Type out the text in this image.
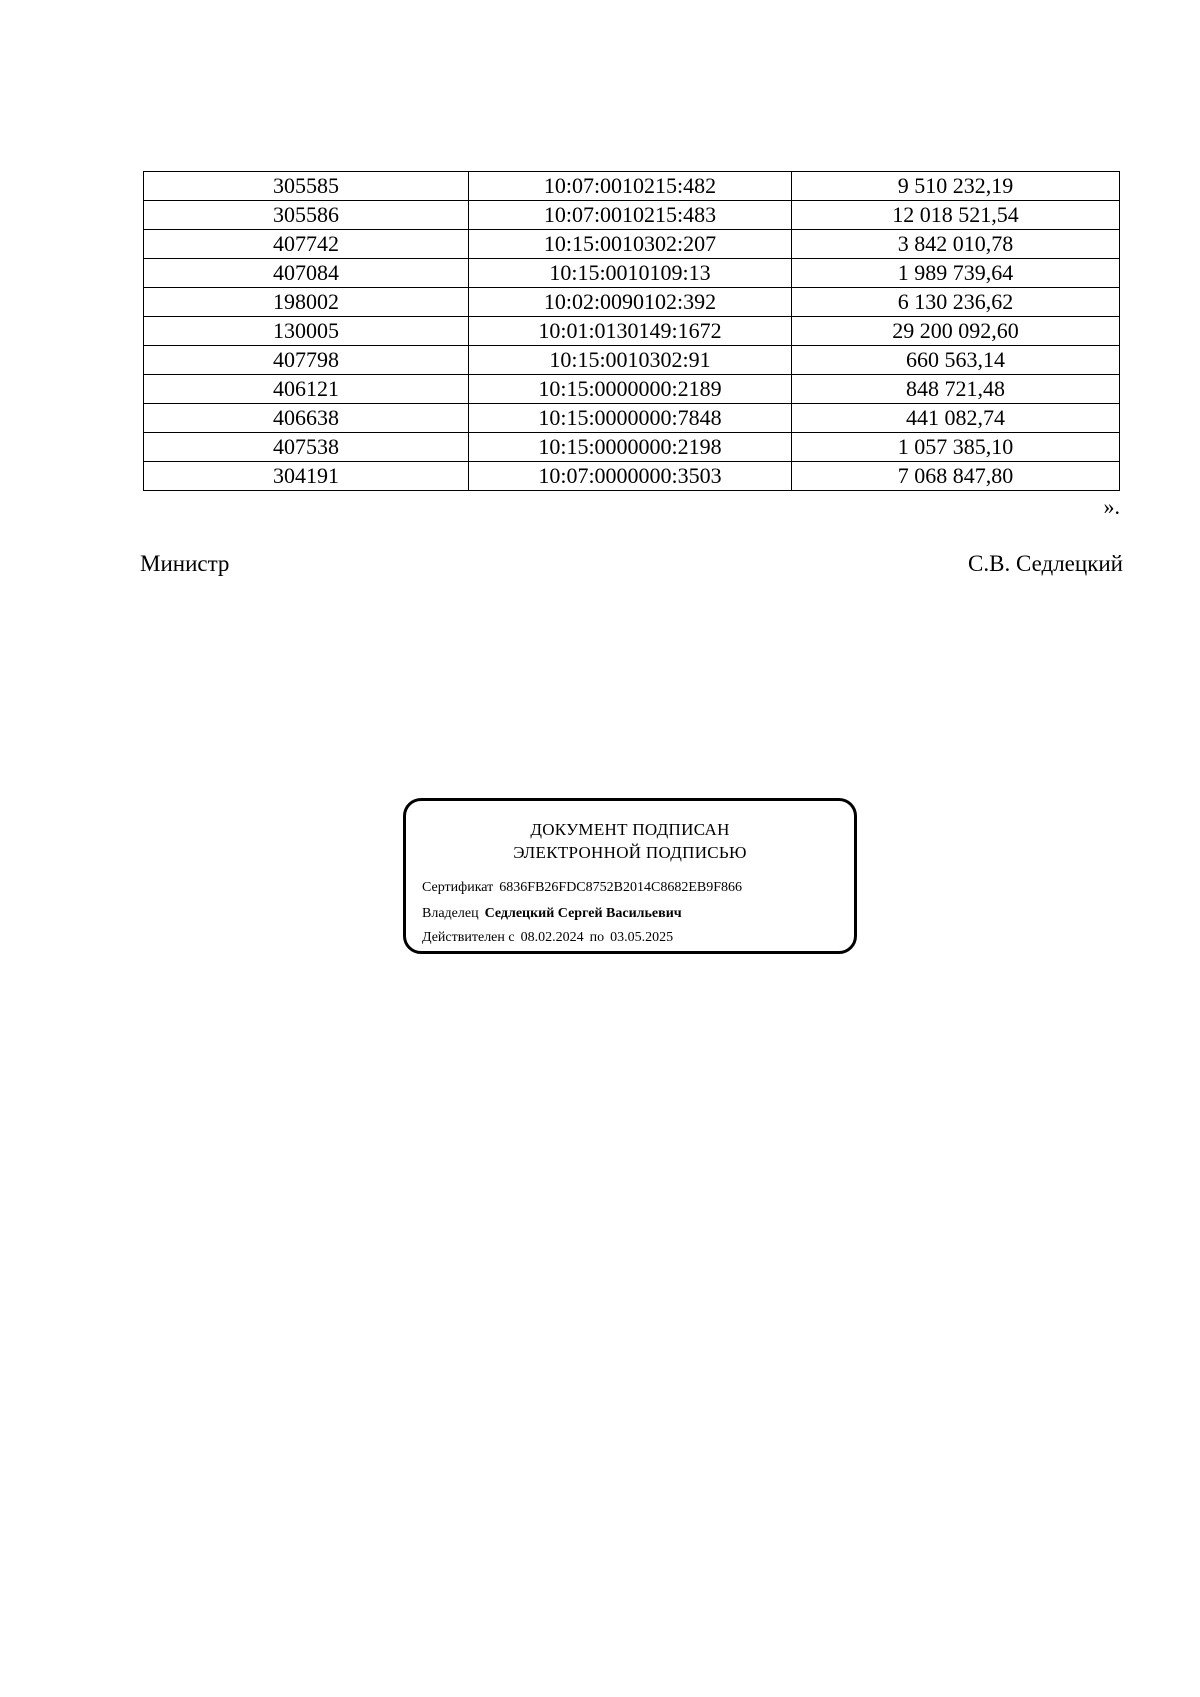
305585	10:07:0010215:482	9 510 232,19
305586	10:07:0010215:483	12 018 521,54
407742	10:15:0010302:207	3 842 010,78
407084	10:15:0010109:13	1 989 739,64
198002	10:02:0090102:392	6 130 236,62
130005	10:01:0130149:1672	29 200 092,60
407798	10:15:0010302:91	660 563,14
406121	10:15:0000000:2189	848 721,48
406638	10:15:0000000:7848	441 082,74
407538	10:15:0000000:2198	1 057 385,10
304191	10:07:0000000:3503	7 068 847,80
».
Министр	С.В. Седлецкий
ДОКУМЕНТ ПОДПИСАН
ЭЛЕКТРОННОЙ ПОДПИСЬЮ
Сертификат 6836FB26FDC8752B2014C8682EB9F866
Владелец Седлецкий Сергей Васильевич
Действителен с 08.02.2024 по 03.05.2025
